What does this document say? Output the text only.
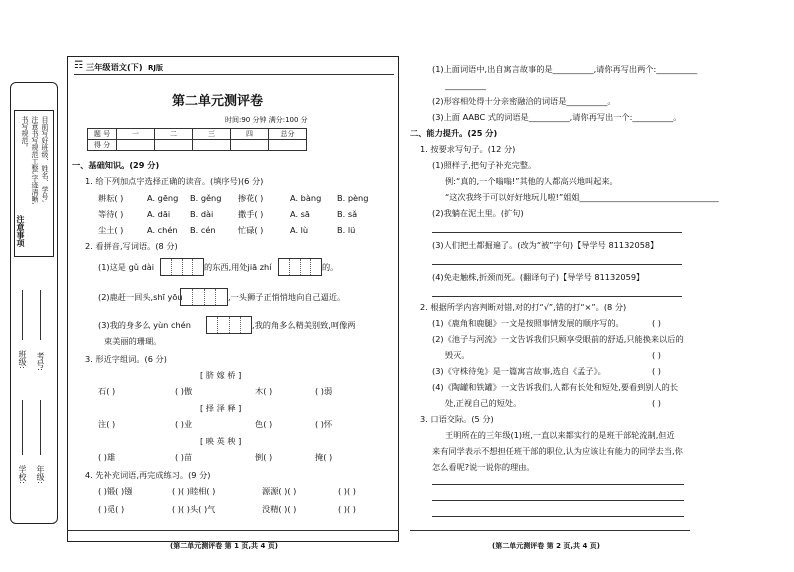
目前写好班级、姓名、学号,
注意书写规范工整,字迹清晰,
书写规范。
注意事项
班级: 考号:
学校: 年级:
☶ 三年级语文(下) RJ版
第二单元测评卷
时间:90 分钟 满分:100 分
题 号	一	二	三	四	总分
得 分					
一、基础知识。(29 分)
1. 给下列加点字选择正确的读音。(填序号)(6 分)
耕耘( )	A. gēng B. gěng 掺花( )	A. bàng B. pèng
等待( )	A. dāi B. dài	撒手( )	A. sā	B. sǎ
尘土( )	A. chén B. cén	忙碌( )	A. lù	B. lü
2. 看拼音,写词语。(8 分)
(1)这是 gǔ dài	的东西,用处jiā zhí	的。
(2)鹿赶一回头,shī yōu	,一头狮子正悄悄地向自己逼近。
(3)我的身多么 yùn chén	,我的角多么精美别致,呵像两
束美丽的珊瑚。
3. 形近字组词。(6 分)
[ 脐 嫁 桥 ]
石( )	( )傲	木( )	( )弱
[ 择 泽 释 ]
注( )	( )业	色( )	( )怀
[ 映 英 秧 ]
( )雄	( )苗	倒( )	掩( )
4. 先补充词语,再完成练习。(9 分)
( )锻( )镪	( )( )睦相( )	源源( )( )	( )( )
( )觅( )	( )( )头( )气	没精( )( )	( )( )
(第二单元测评卷 第 1 页,共 4 页)
(1)上面词语中,出自寓言故事的是__________,请你再写出两个:__________
__________
(2)形容相处得十分亲密融洽的词语是__________。
(3)上面 AABC 式的词语是__________,请你再写出一个:__________。
二、能力提升。(25 分)
1. 按要求写句子。(12 分)
(1)照样子,把句子补充完整。
例:“真的,一个嗡嗡!”其他的人都高兴地叫起来。
“这次我终于可以好好地玩儿啦!”姐姐__________________________________
(2)我躺在泥土里。(扩句)
(3)人们把土都掘遍了。(改为“被”字句)【导学号 81132058】
(4)免走触株,折颈而死。(翻译句子)【导学号 81132059】
2. 根据所学内容判断对错,对的打“√”,错的打“×”。(8 分)
(1)《鹿角和鹿腿》一文是按照事情发展的顺序写的。	( )
(2)《池子与河流》一文告诉我们只顾享受眼前的舒适,只能换来以后的
毁灭。	( )
(3)《守株待兔》是一篇寓言故事,选自《孟子》。	( )
(4)《陶罐和铁罐》一文告诉我们,人都有长处和短处,要看到别人的长
处,正视自己的短处。	( )
3. 口语交际。(5 分)
王明所在的三年级(1)班,一直以来都实行的是班干部轮流制,但近
来有同学表示不想担任班干部的职位,认为应该让有能力的同学去当,你
怎么看呢?说一说你的理由。
(第二单元测评卷 第 2 页,共 4 页)
